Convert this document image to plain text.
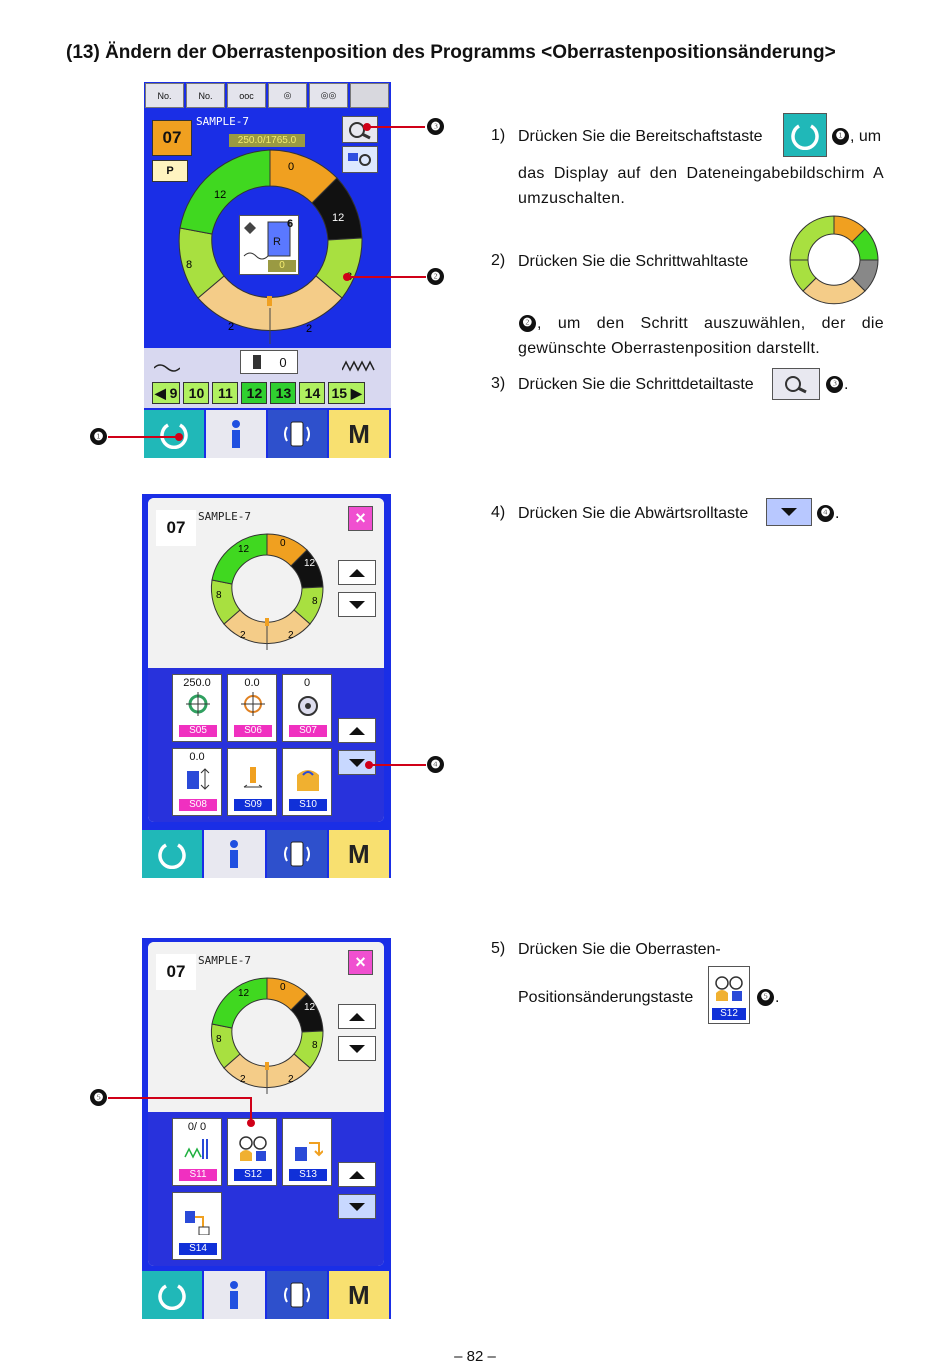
(13) Ändern der Oberrastenposition des Programms <Oberrastenpositionsänderung>
No.	No.	ooc	◎	◎◎
07
SAMPLE-7
250.0/1765.0
P	0
12
12
8
2	2
6
R
0
0
◀ 9 10 11 12 13 14 15 ▶
M
❸
❷
❶
07
SAMPLE-7	×
12
0
12
8
8
2	2
250.0
S05
0.0
S06
0
S07
0.0
S08	S09	S10
M
❹
07
SAMPLE-7	×
12
0
12
8
8
2	2
0/ 0
S11	S12	S13
S14
M
❺
1) Drücken Sie die Bereitschaftstaste	❶ , um
das Display auf den Dateneingabebildschirm A umzuschalten.
2) Drücken Sie die Schrittwahltaste
❷ , um den Schritt auszuwählen, der die gewünschte Oberrastenposition darstellt.
3) Drücken Sie die Schrittdetailtaste	❸ .
4) Drücken Sie die Abwärtsrolltaste	❹ .
5) Drücken Sie die Oberrasten-
Positionsänderungstaste
S12
❺ .
– 82 –
